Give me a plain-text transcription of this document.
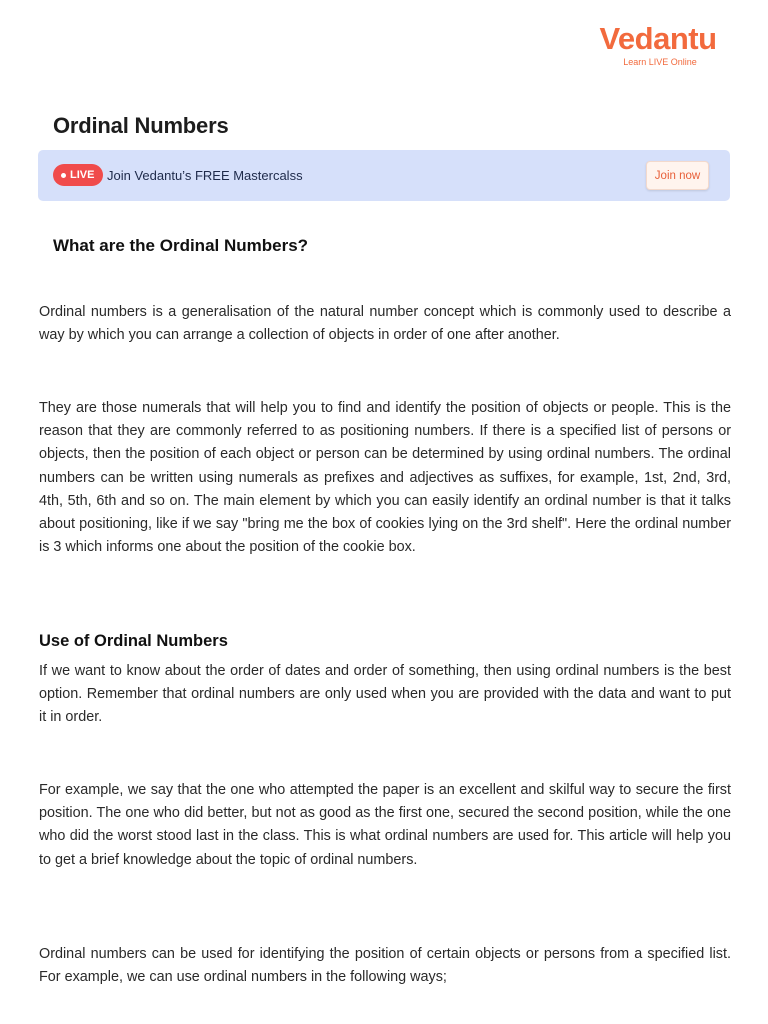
Vedantu
Learn LIVE Online
Ordinal Numbers
LIVE Join Vedantu’s FREE Mastercalss	Join now
What are the Ordinal Numbers?

Ordinal numbers is a generalisation of the natural number concept which is commonly used to describe a way by which you can arrange a collection of objects in order of one after another.

They are those numerals that will help you to find and identify the position of objects or people. This is the reason that they are commonly referred to as positioning numbers. If there is a specified list of persons or objects, then the position of each object or person can be determined by using ordinal numbers. The ordinal numbers can be written using numerals as prefixes and adjectives as suffixes, for example, 1st, 2nd, 3rd, 4th, 5th, 6th and so on. The main element by which you can easily identify an ordinal number is that it talks about positioning, like if we say "bring me the box of cookies lying on the 3rd shelf". Here the ordinal number is 3 which informs one about the position of the cookie box.

Use of Ordinal Numbers

If we want to know about the order of dates and order of something, then using ordinal numbers is the best option. Remember that ordinal numbers are only used when you are provided with the data and want to put it in order.

For example, we say that the one who attempted the paper is an excellent and skilful way to secure the first position. The one who did better, but not as good as the first one, secured the second position, while the one who did the worst stood last in the class. This is what ordinal numbers are used for. This article will help you to get a brief knowledge about the topic of ordinal numbers.

Ordinal numbers can be used for identifying the position of certain objects or persons from a specified list. For example, we can use ordinal numbers in the following ways;
